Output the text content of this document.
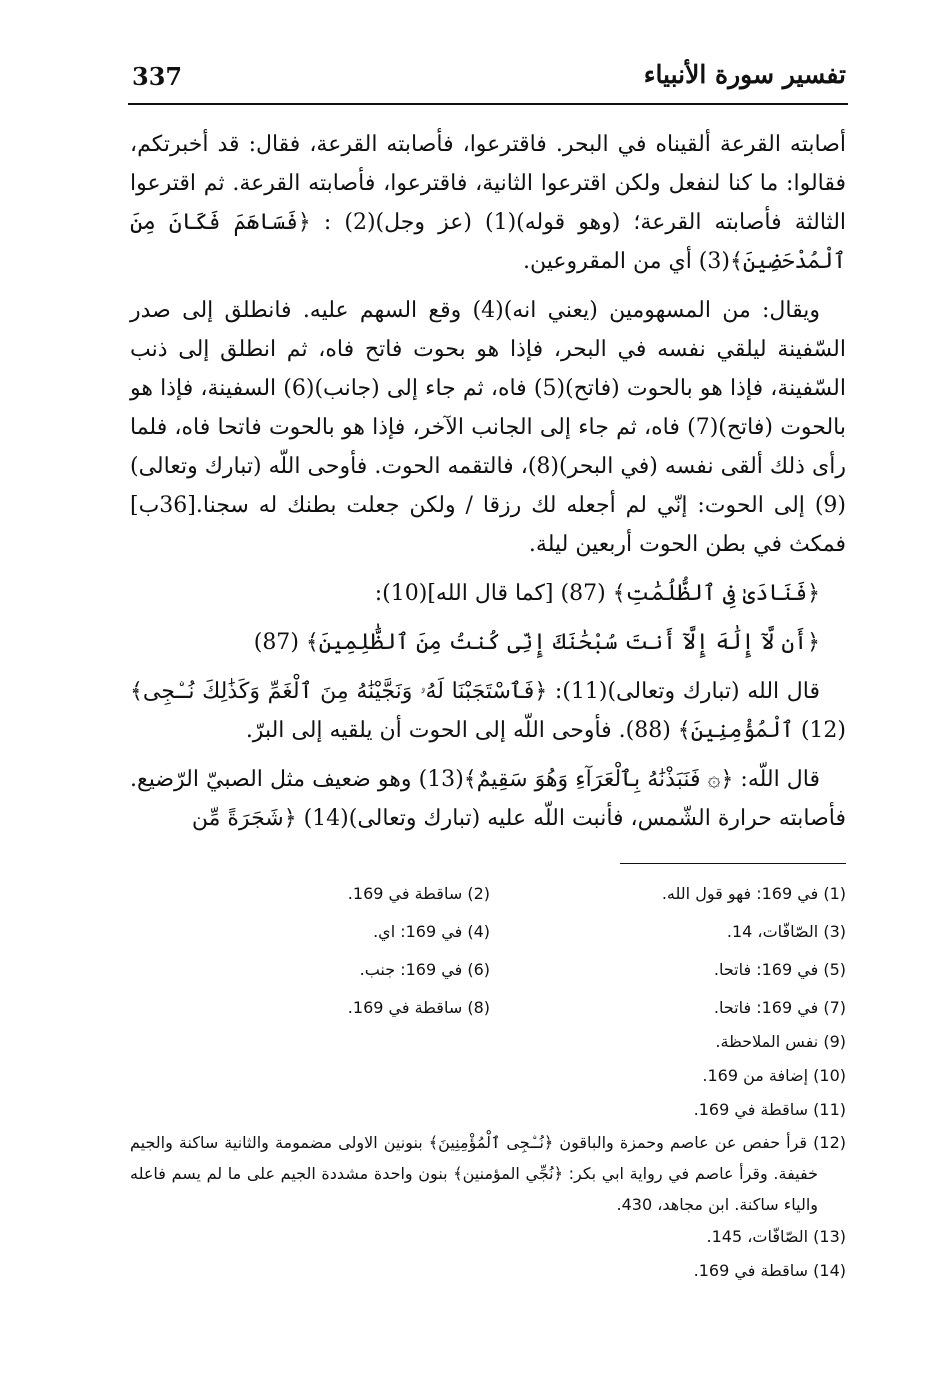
337	تفسير سورة الأنبياء

أصابته القرعة ألقيناه في البحر. فاقترعوا، فأصابته القرعة، فقال: قد أخبرتكم، فقالوا: ما كنا لنفعل ولكن اقترعوا الثانية، فاقترعوا، فأصابته القرعة. ثم اقترعوا الثالثة فأصابته القرعة؛ (وهو قوله)(1) (عز وجل)(2) : ﴿فَسَاهَمَ فَكَانَ مِنَ ٱلْمُدْحَضِينَ﴾(3) أي من المقروعين.

ويقال: من المسهومين (يعني انه)(4) وقع السهم عليه. فانطلق إلى صدر السّفينة ليلقي نفسه في البحر، فإذا هو بحوت فاتح فاه، ثم انطلق إلى ذنب السّفينة، فإذا هو بالحوت (فاتح)(5) فاه، ثم جاء إلى (جانب)(6) السفينة، فإذا هو بالحوت (فاتح)(7) فاه، ثم جاء إلى الجانب الآخر، فإذا هو بالحوت فاتحا فاه، فلما رأى ذلك ألقى نفسه (في البحر)(8)، فالتقمه الحوت. فأوحى اللّه (تبارك وتعالى)(9) إلى الحوت: إنّي لم أجعله لك رزقا / ولكن جعلت بطنك له سجنا.[36ب] فمكث في بطن الحوت أربعين ليلة.

﴿فَنَادَىٰ فِى ٱلظُّلُمَٰتِ﴾ (87) [كما قال الله](10):

﴿أَن لَّآ إِلَٰهَ إِلَّآ أَنتَ سُبْحَٰنَكَ إِنِّى كُنتُ مِنَ ٱلظَّٰلِمِينَ﴾ (87)

قال الله (تبارك وتعالى)(11): ﴿فَٱسْتَجَبْنَا لَهُۥ وَنَجَّيْنَٰهُ مِنَ ٱلْغَمِّ وَكَذَٰلِكَ نُـۨجِى﴾(12) ٱلْمُؤْمِنِينَ﴾ (88). فأوحى اللّه إلى الحوت أن يلقيه إلى البرّ.

قال اللّه: ﴿۞ فَنَبَذْنَٰهُ بِٱلْعَرَآءِ وَهُوَ سَقِيمٌ﴾(13) وهو ضعيف مثل الصبيّ الرّضيع. فأصابته حرارة الشّمس، فأنبت اللّه عليه (تبارك وتعالى)(14) ﴿شَجَرَةً مِّن

(1) في 169: فهو قول الله.
(2) ساقطة في 169.
(3) الصّافّات، 14.
(4) في 169: اي.
(5) في 169: فاتحا.
(6) في 169: جنب.
(7) في 169: فاتحا.
(8) ساقطة في 169.
(9) نفس الملاحظة.
(10) إضافة من 169.
(11) ساقطة في 169.
(12) قرأ حفص عن عاصم وحمزة والباقون ﴿نُـۨجِى ٱلْمُؤْمِنِينَ﴾ بنونين الاولى مضمومة والثانية ساكنة والجيم خفيفة. وقرأ عاصم في رواية ابي بكر: ﴿نُجِّي المؤمنين﴾ بنون واحدة مشددة الجيم على ما لم يسم فاعله والياء ساكنة. ابن مجاهد، 430.
(13) الصّافّات، 145.
(14) ساقطة في 169.
